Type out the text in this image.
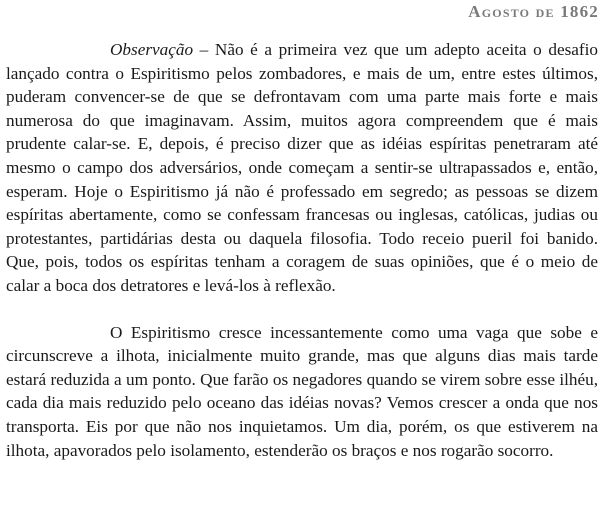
Agosto de 1862

Observação – Não é a primeira vez que um adepto aceita o desafio lançado contra o Espiritismo pelos zombadores, e mais de um, entre estes últimos, puderam convencer-se de que se defrontavam com uma parte mais forte e mais numerosa do que imaginavam. Assim, muitos agora compreendem que é mais prudente calar-se. E, depois, é preciso dizer que as idéias espíritas penetraram até mesmo o campo dos adversários, onde começam a sentir-se ultrapassados e, então, esperam. Hoje o Espiritismo já não é professado em segredo; as pessoas se dizem espíritas abertamente, como se confessam francesas ou inglesas, católicas, judias ou protestantes, partidárias desta ou daquela filosofia. Todo receio pueril foi banido. Que, pois, todos os espíritas tenham a coragem de suas opiniões, que é o meio de calar a boca dos detratores e levá-los à reflexão.

O Espiritismo cresce incessantemente como uma vaga que sobe e circunscreve a ilhota, inicialmente muito grande, mas que alguns dias mais tarde estará reduzida a um ponto. Que farão os negadores quando se virem sobre esse ilhéu, cada dia mais reduzido pelo oceano das idéias novas? Vemos crescer a onda que nos transporta. Eis por que não nos inquietamos. Um dia, porém, os que estiverem na ilhota, apavorados pelo isolamento, estenderão os braços e nos rogarão socorro.
